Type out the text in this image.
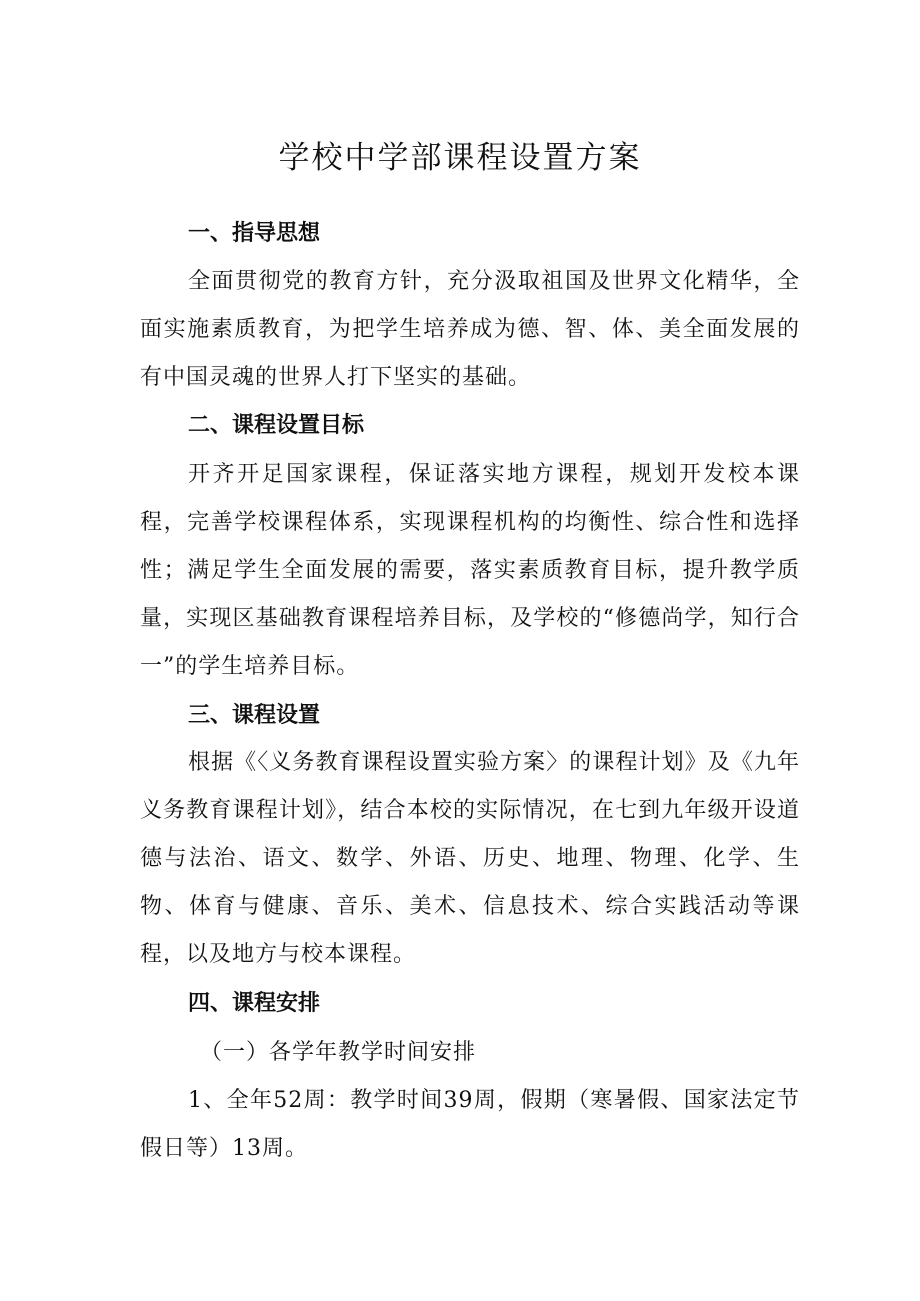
学校中学部课程设置方案
一、指导思想

全面贯彻党的教育方针，充分汲取祖国及世界文化精华，全面实施素质教育，为把学生培养成为德、智、体、美全面发展的有中国灵魂的世界人打下坚实的基础。

二、课程设置目标

开齐开足国家课程，保证落实地方课程，规划开发校本课程，完善学校课程体系，实现课程机构的均衡性、综合性和选择性；满足学生全面发展的需要，落实素质教育目标，提升教学质量，实现区基础教育课程培养目标，及学校的“修德尚学，知行合一”的学生培养目标。

三、课程设置

根据《〈义务教育课程设置实验方案〉的课程计划》及《九年义务教育课程计划》，结合本校的实际情况，在七到九年级开设道德与法治、语文、数学、外语、历史、地理、物理、化学、生物、体育与健康、音乐、美术、信息技术、综合实践活动等课程，以及地方与校本课程。

四、课程安排

（一）各学年教学时间安排

1、全年52周：教学时间39周，假期（寒暑假、国家法定节假日等）13周。
